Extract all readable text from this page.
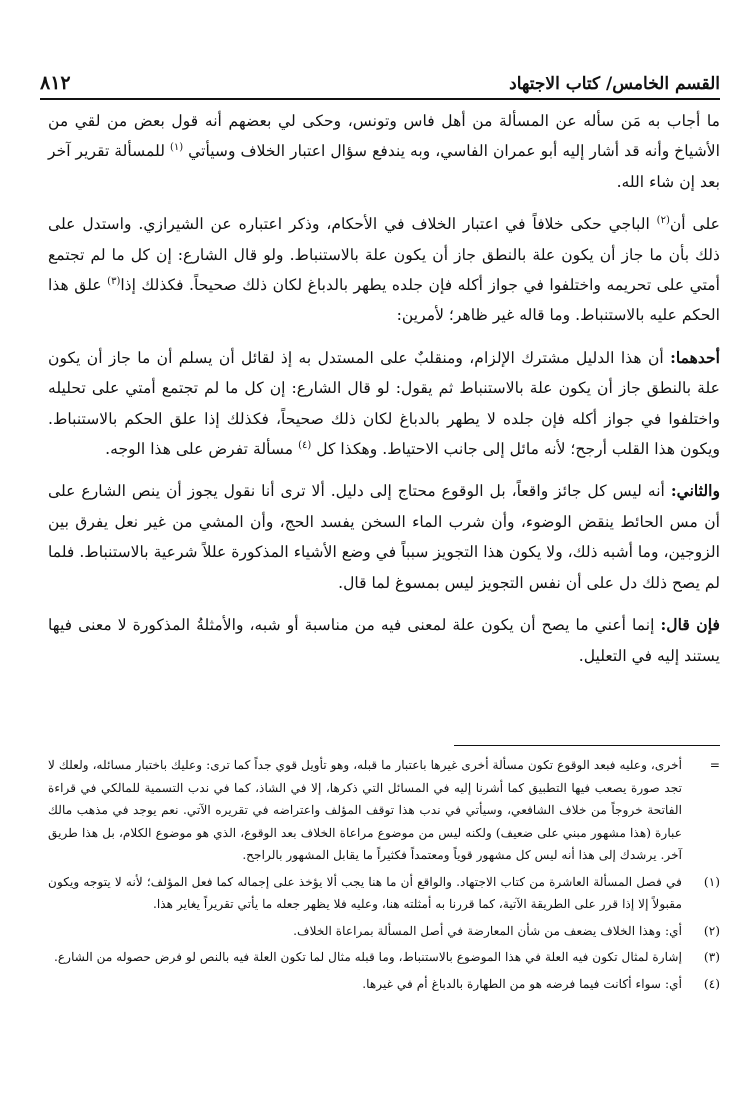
القسم الخامس/ كتاب الاجتهاد
٨١٢

ما أجاب به مَن سأله عن المسألة من أهل فاس وتونس، وحكى لي بعضهم أنه قول بعض من لقي من الأشياخ وأنه قد أشار إليه أبو عمران الفاسي، وبه يندفع سؤال اعتبار الخلاف وسيأتي $^{(١)}$ للمسألة تقرير آخر بعد إن شاء الله.

على أن$^{(٢)}$ الباجي حكى خلافاً في اعتبار الخلاف في الأحكام، وذكر اعتباره عن الشيرازي. واستدل على ذلك بأن ما جاز أن يكون علة بالنطق جاز أن يكون علة بالاستنباط. ولو قال الشارع: إن كل ما لم تجتمع أمتي على تحريمه واختلفوا في جواز أكله فإن جلده يطهر بالدباغ لكان ذلك صحيحاً. فكذلك إذا$^{(٣)}$ علق هذا الحكم عليه بالاستنباط. وما قاله غير ظاهر؛ لأمرين:

أحدهما: أن هذا الدليل مشترك الإلزام، ومنقلبٌ على المستدل به إذ لقائل أن يسلم أن ما جاز أن يكون علة بالنطق جاز أن يكون علة بالاستنباط ثم يقول: لو قال الشارع: إن كل ما لم تجتمع أمتي على تحليله واختلفوا في جواز أكله فإن جلده لا يطهر بالدباغ لكان ذلك صحيحاً، فكذلك إذا علق الحكم بالاستنباط. ويكون هذا القلب أرجح؛ لأنه مائل إلى جانب الاحتياط. وهكذا كل $^{(٤)}$ مسألة تفرض على هذا الوجه.

والثاني: أنه ليس كل جائز واقعاً، بل الوقوع محتاج إلى دليل. ألا ترى أنا نقول يجوز أن ينص الشارع على أن مس الحائط ينقض الوضوء، وأن شرب الماء السخن يفسد الحج، وأن المشي من غير نعل يفرق بين الزوجين، وما أشبه ذلك، ولا يكون هذا التجويز سبباً في وضع الأشياء المذكورة عللاً شرعية بالاستنباط. فلما لم يصح ذلك دل على أن نفس التجويز ليس بمسوغ لما قال.

فإن قال: إنما أعني ما يصح أن يكون علة لمعنى فيه من مناسبة أو شبه، والأمثلةُ المذكورة لا معنى فيها يستند إليه في التعليل.

=
أخرى، وعليه فبعد الوقوع تكون مسألة أخرى غيرها باعتبار ما قبله، وهو تأويل قوي جداً كما ترى: وعليك باختبار مسائله، ولعلك لا تجد صورة يصعب فيها التطبيق كما أشرنا إليه في المسائل التي ذكرها، إلا في الشاذ، كما في ندب التسمية للمالكي في قراءة الفاتحة خروجاً من خلاف الشافعي، وسيأتي في ندب هذا توقف المؤلف واعتراضه في تقريره الآتي. نعم يوجد في مذهب مالك عبارة (هذا مشهور مبني على ضعيف) ولكنه ليس من موضوع مراعاة الخلاف بعد الوقوع، الذي هو موضوع الكلام، بل هذا طريق آخر. يرشدك إلى هذا أنه ليس كل مشهور قوياً ومعتمداً فكثيراً ما يقابل المشهور بالراجح.
(١)
في فصل المسألة العاشرة من كتاب الاجتهاد. والواقع أن ما هنا يجب ألا يؤخذ على إجماله كما فعل المؤلف؛ لأنه لا يتوجه ويكون مقبولاً إلا إذا قرر على الطريقة الآتية، كما قررنا به أمثلته هنا، وعليه فلا يظهر جعله ما يأتي تقريراً يغاير هذا.
(٢)
أي: وهذا الخلاف يضعف من شأن المعارضة في أصل المسألة بمراعاة الخلاف.
(٣)
إشارة لمثال تكون فيه العلة في هذا الموضوع بالاستنباط، وما قبله مثال لما تكون العلة فيه بالنص لو فرض حصوله من الشارع.
(٤)
أي: سواء أكانت فيما فرضه هو من الطهارة بالدباغ أم في غيرها.
